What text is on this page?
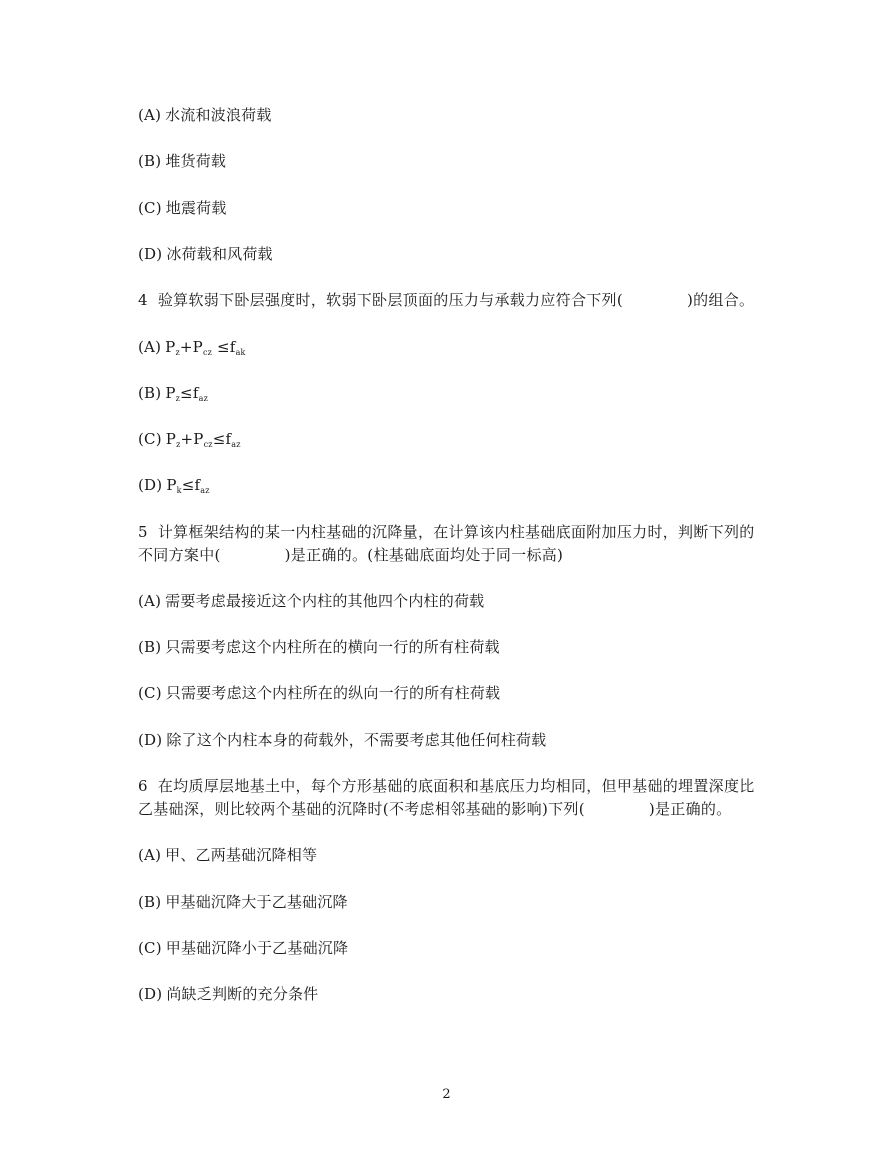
(A) 水流和波浪荷载
(B) 堆货荷载
(C) 地震荷载
(D) 冰荷载和风荷载
4 验算软弱下卧层强度时，软弱下卧层顶面的压力与承载力应符合下列(	)的组合。
(A) $P_z+P_{cz} \le f_{ak}$
(B) $P_z\le f_{az}$
(C) $P_z+P_{cz}\le f_{az}$
(D) $P_k\le f_{az}$
5 计算框架结构的某一内柱基础的沉降量，在计算该内柱基础底面附加压力时，判断下列的
不同方案中(	)是正确的。(柱基础底面均处于同一标高)
(A) 需要考虑最接近这个内柱的其他四个内柱的荷载
(B) 只需要考虑这个内柱所在的横向一行的所有柱荷载
(C) 只需要考虑这个内柱所在的纵向一行的所有柱荷载
(D) 除了这个内柱本身的荷载外，不需要考虑其他任何柱荷载
6 在均质厚层地基土中，每个方形基础的底面积和基底压力均相同，但甲基础的埋置深度比
乙基础深，则比较两个基础的沉降时(不考虑相邻基础的影响)下列(	)是正确的。
(A) 甲、乙两基础沉降相等
(B) 甲基础沉降大于乙基础沉降
(C) 甲基础沉降小于乙基础沉降
(D) 尚缺乏判断的充分条件
2
